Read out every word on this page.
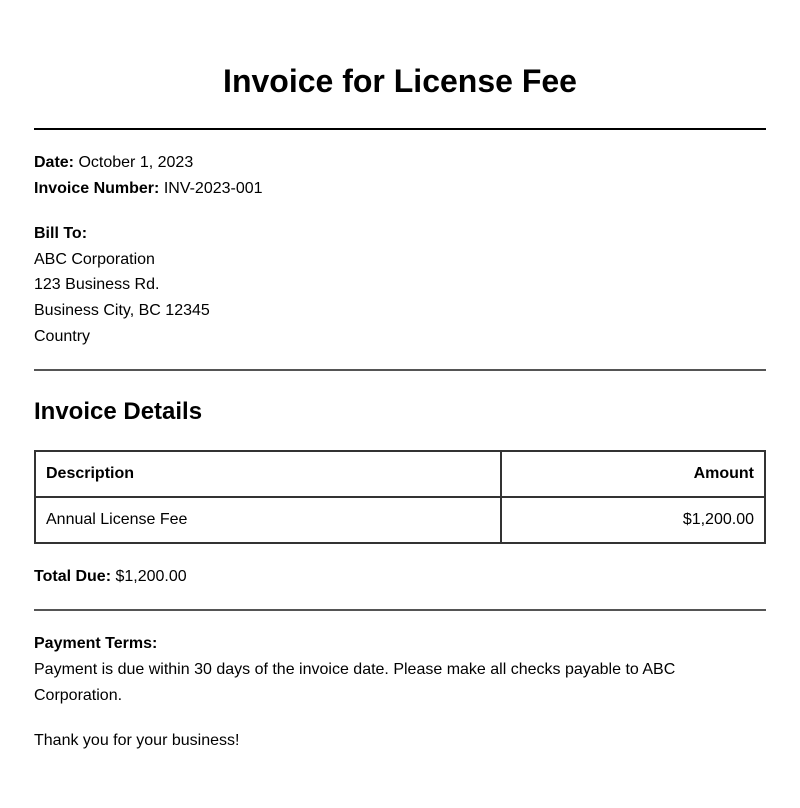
Invoice for License Fee
Date: October 1, 2023
Invoice Number: INV-2023-001
Bill To:
ABC Corporation
123 Business Rd.
Business City, BC 12345
Country
Invoice Details
Description	Amount
Annual License Fee	$1,200.00
Total Due: $1,200.00
Payment Terms:

Payment is due within 30 days of the invoice date. Please make all checks payable to ABC Corporation.

Thank you for your business!
